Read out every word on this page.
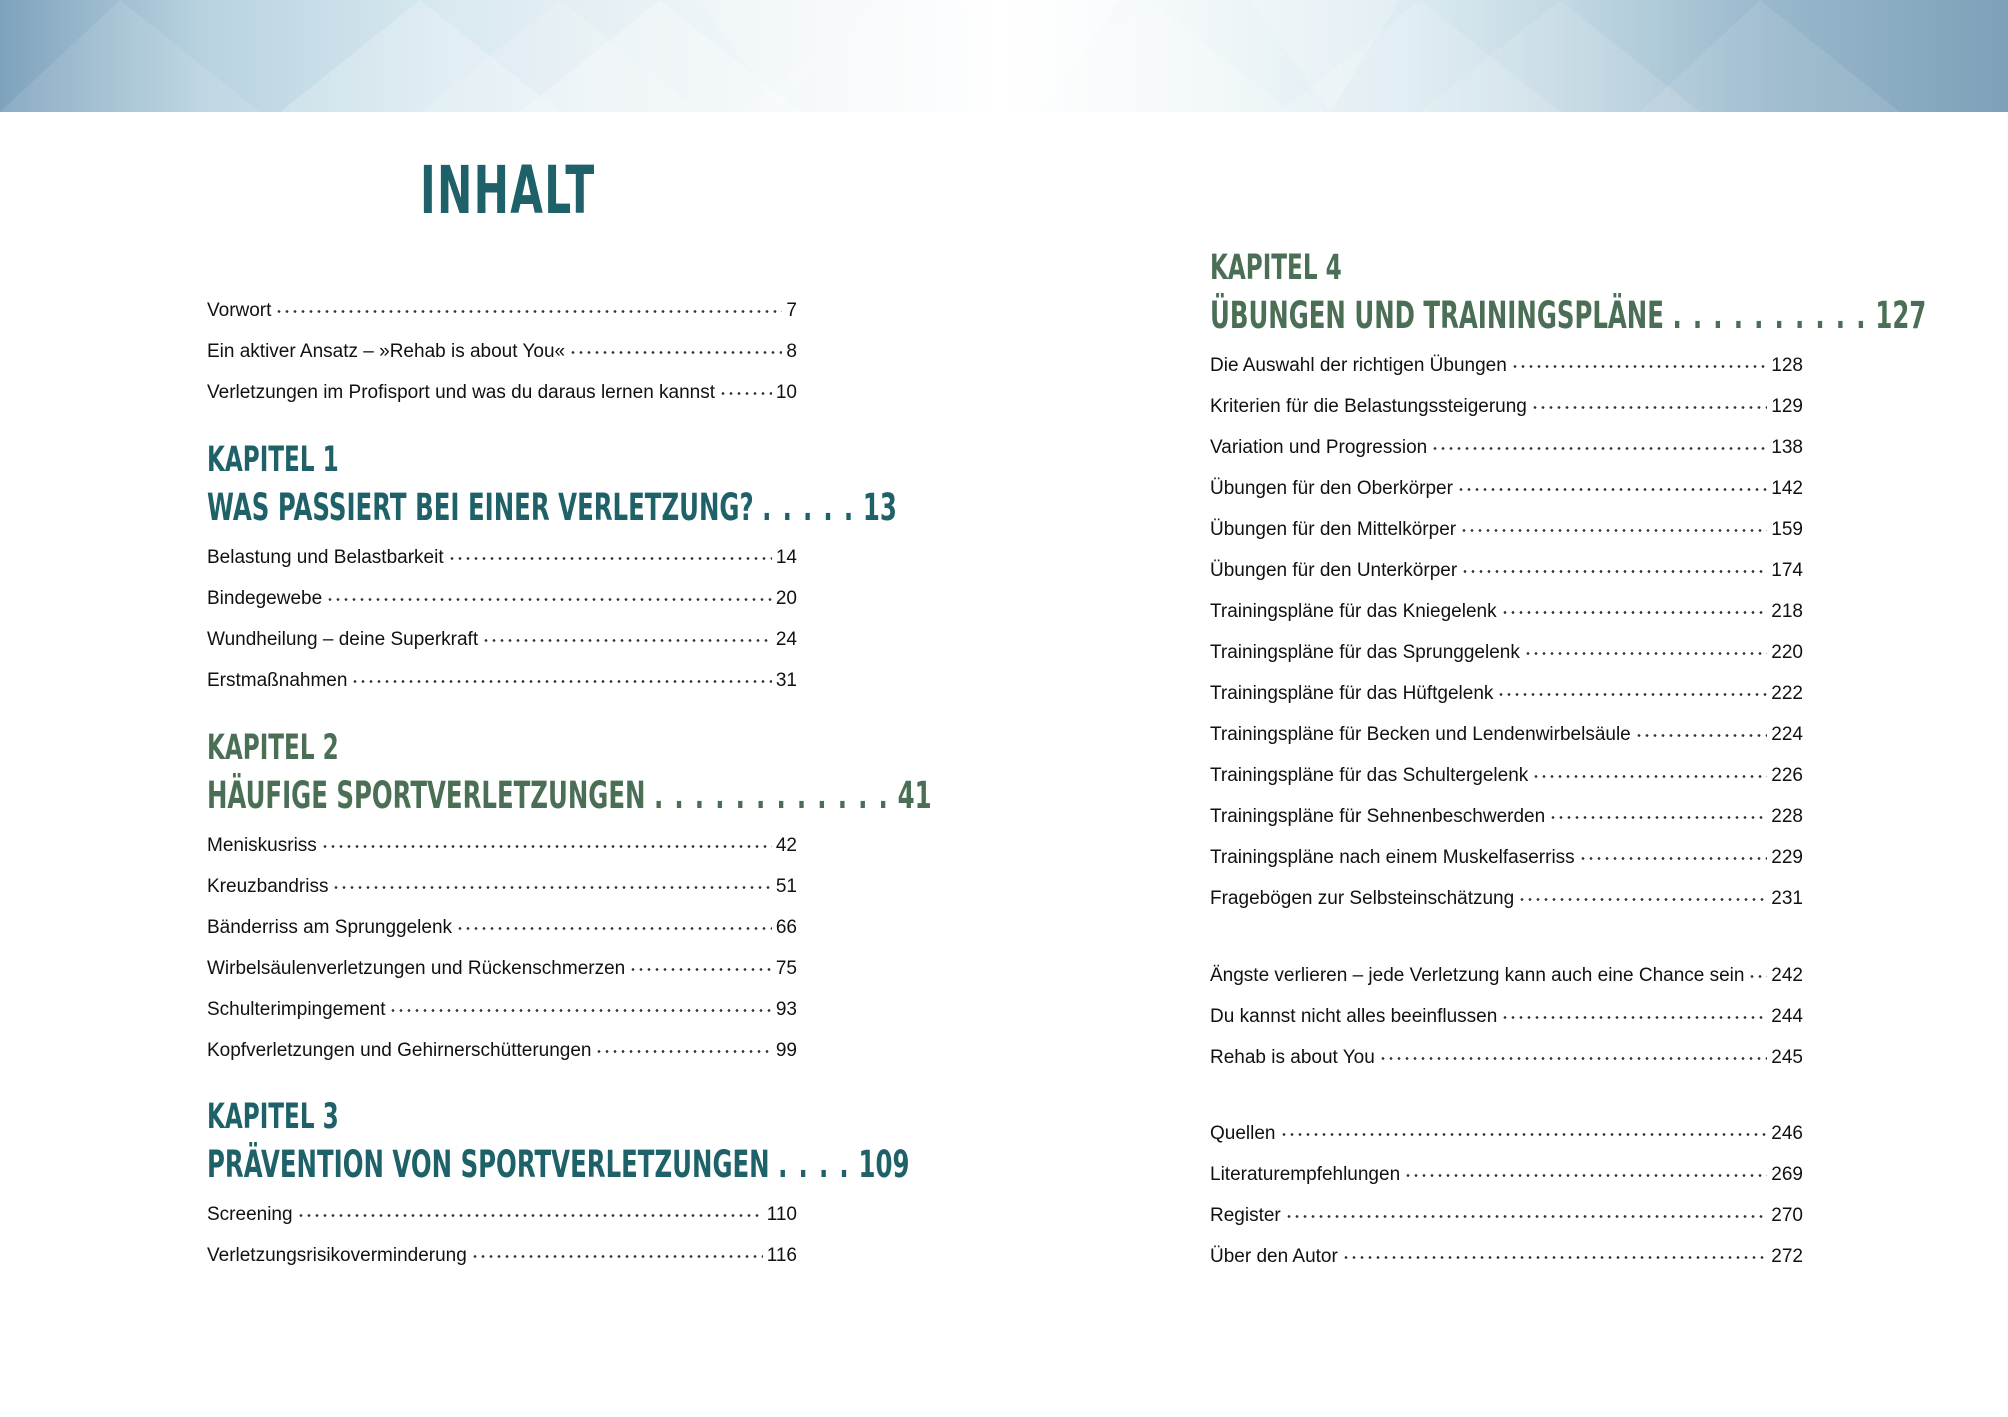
INHALT
Vorwort	7
Ein aktiver Ansatz – »Rehab is about You«	8
Verletzungen im Profisport und was du daraus lernen kannst	10
KAPITEL 1
WAS PASSIERT BEI EINER VERLETZUNG? . . . . . 13
Belastung und Belastbarkeit	14
Bindegewebe	20
Wundheilung – deine Superkraft	24
Erstmaßnahmen	31
KAPITEL 2
HÄUFIGE SPORTVERLETZUNGEN . . . . . . . . . . . . 41
Meniskusriss	42
Kreuzbandriss	51
Bänderriss am Sprunggelenk	66
Wirbelsäulenverletzungen und Rückenschmerzen	75
Schulterimpingement	93
Kopfverletzungen und Gehirnerschütterungen	99
KAPITEL 3
PRÄVENTION VON SPORTVERLETZUNGEN . . . . 109
Screening	110
Verletzungsrisikoverminderung	116
KAPITEL 4
ÜBUNGEN UND TRAININGSPLÄNE . . . . . . . . . . 127
Die Auswahl der richtigen Übungen	128
Kriterien für die Belastungssteigerung	129
Variation und Progression	138
Übungen für den Oberkörper	142
Übungen für den Mittelkörper	159
Übungen für den Unterkörper	174
Trainingspläne für das Kniegelenk	218
Trainingspläne für das Sprunggelenk	220
Trainingspläne für das Hüftgelenk	222
Trainingspläne für Becken und Lendenwirbelsäule	224
Trainingspläne für das Schultergelenk	226
Trainingspläne für Sehnenbeschwerden	228
Trainingspläne nach einem Muskelfaserriss	229
Fragebögen zur Selbsteinschätzung	231
Ängste verlieren – jede Verletzung kann auch eine Chance sein 242
Du kannst nicht alles beeinflussen	244
Rehab is about You	245
Quellen	246
Literaturempfehlungen	269
Register	270
Über den Autor	272
